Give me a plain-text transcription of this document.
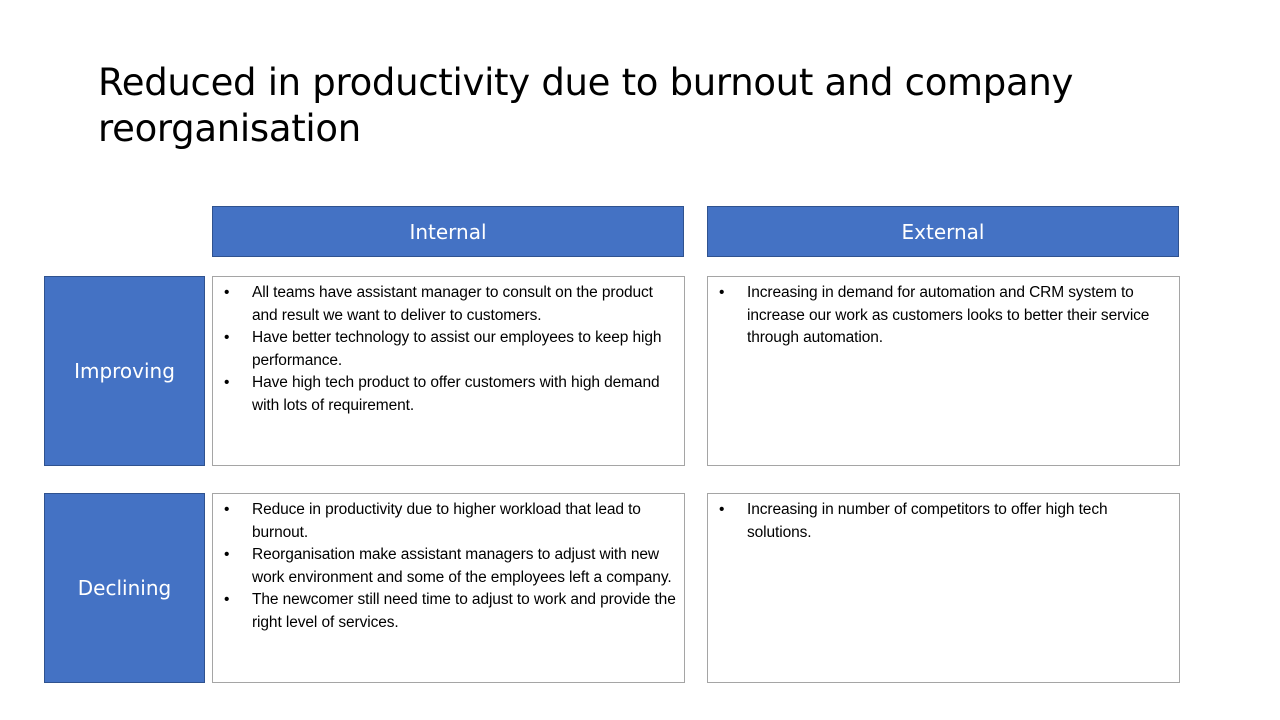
Reduced in productivity due to burnout and company reorganisation
Internal	External
Improving
Declining
• All teams have assistant manager to consult on the product and result we want to deliver to customers.
• Have better technology to assist our employees to keep high performance.
• Have high tech product to offer customers with high demand with lots of requirement.
• Increasing in demand for automation and CRM system to increase our work as customers looks to better their service through automation.
• Reduce in productivity due to higher workload that lead to burnout.
• Reorganisation make assistant managers to adjust with new work environment and some of the employees left a company.
• The newcomer still need time to adjust to work and provide the right level of services.
• Increasing in number of competitors to offer high tech solutions.
